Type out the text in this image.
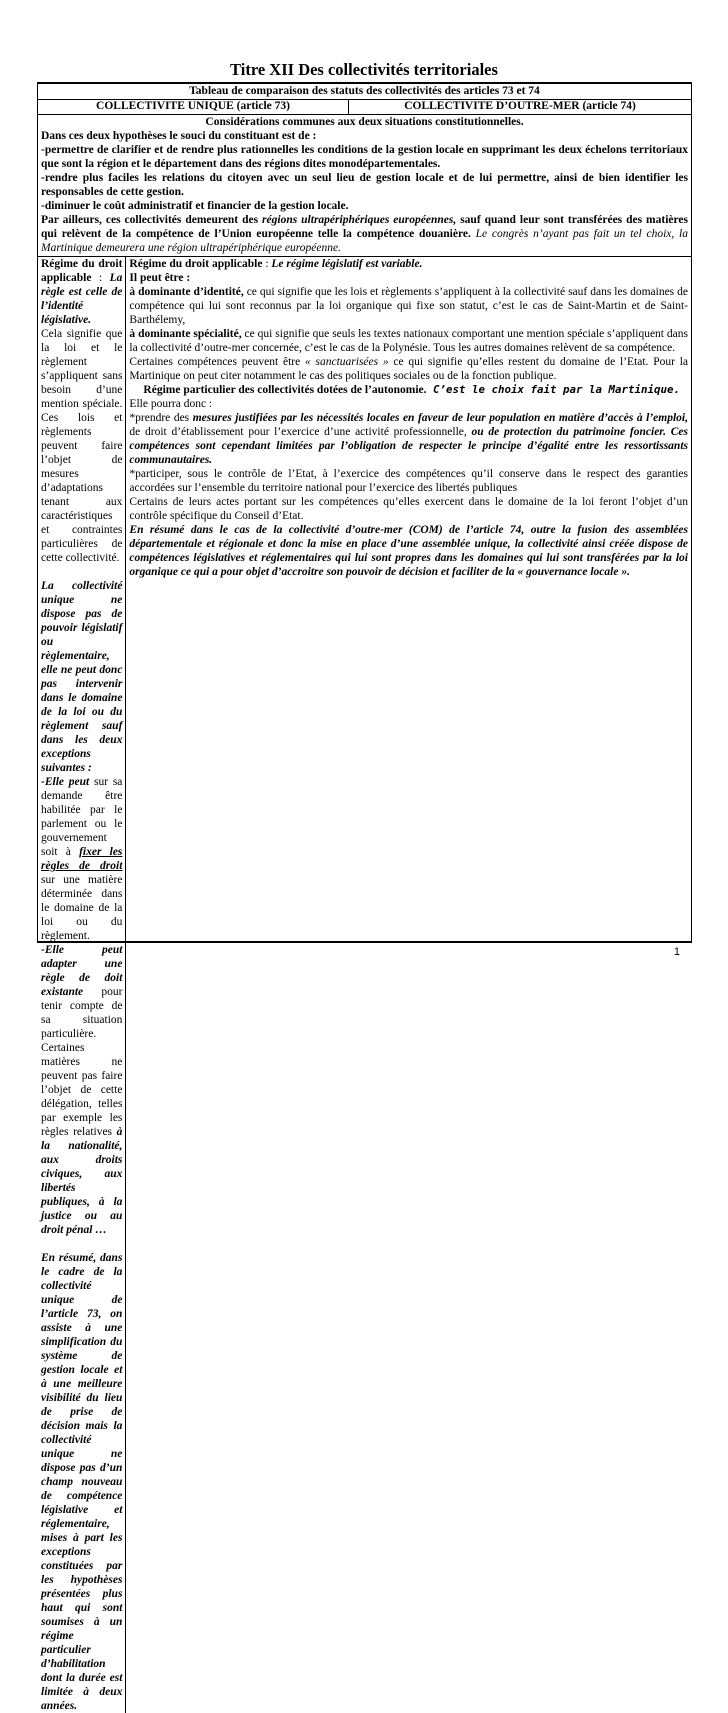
Titre XII Des collectivités territoriales
Tableau de comparaison des statuts des collectivités des articles 73 et 74
COLLECTIVITE UNIQUE (article 73)	COLLECTIVITE D’OUTRE-MER (article 74)
Considérations communes aux deux situations constitutionnelles.

Dans ces deux hypothèses le souci du constituant est de :

-permettre de clarifier et de rendre plus rationnelles les conditions de la gestion locale en supprimant les deux échelons territoriaux que sont la région et le département dans des régions dites monodépartementales.

-rendre plus faciles les relations du citoyen avec un seul lieu de gestion locale et de lui permettre, ainsi de bien identifier les responsables de cette gestion.

-diminuer le coût administratif et financier de la gestion locale.

Par ailleurs, ces collectivités demeurent des régions ultrapériphériques européennes, sauf quand leur sont transférées des matières qui relèvent de la compétence de l’Union européenne telle la compétence douanière. Le congrès n’ayant pas fait un tel choix, la Martinique demeurera une région ultrapériphérique européenne.

Régime du droit applicable : La règle est celle de l’identité législative.

Cela signifie que la loi et le règlement s’appliquent sans besoin d’une mention spéciale. Ces lois et règlements peuvent faire l’objet de mesures d’adaptations tenant aux caractéristiques et contraintes particulières de cette collectivité.

La collectivité unique ne dispose pas de pouvoir législatif ou règlementaire, elle ne peut donc pas intervenir dans le domaine de la loi ou du règlement sauf dans les deux exceptions suivantes :

-Elle peut sur sa demande être habilitée par le parlement ou le gouvernement soit à fixer les règles de droit sur une matière déterminée dans le domaine de la loi ou du règlement.

-Elle peut adapter une règle de doit existante pour tenir compte de sa situation particulière.

Certaines matières ne peuvent pas faire l’objet de cette délégation, telles par exemple les règles relatives à la nationalité, aux droits civiques, aux libertés publiques, à la justice ou au droit pénal …

En résumé, dans le cadre de la collectivité unique de l’article 73, on assiste à une simplification du système de gestion locale et à une meilleure visibilité du lieu de prise de décision mais la collectivité unique ne dispose pas d’un champ nouveau de compétence législative et réglementaire, mises à part les exceptions constituées par les hypothèses présentées plus haut qui sont soumises à un régime particulier d’habilitation dont la durée est limitée à deux années.

Régime du droit applicable : Le régime législatif est variable.

Il peut être :

à dominante d’identité, ce qui signifie que les lois et règlements s’appliquent à la collectivité sauf dans les domaines de compétence qui lui sont reconnus par la loi organique qui fixe son statut, c’est le cas de Saint-Martin et de Saint-Barthélemy,

à dominante spécialité, ce qui signifie que seuls les textes nationaux comportant une mention spéciale s’appliquent dans la collectivité d’outre-mer concernée, c’est le cas de la Polynésie. Tous les autres domaines relèvent de sa compétence.

Certaines compétences peuvent être « sanctuarisées » ce qui signifie qu’elles restent du domaine de l’Etat. Pour la Martinique on peut citer notamment le cas des politiques sociales ou de la fonction publique.

Régime particulier des collectivités dotées de l’autonomie. C’est le choix fait par la Martinique.

Elle pourra donc :

*prendre des mesures justifiées par les nécessités locales en faveur de leur population en matière d’accès à l’emploi, de droit d’établissement pour l’exercice d’une activité professionnelle, ou de protection du patrimoine foncier. Ces compétences sont cependant limitées par l’obligation de respecter le principe d’égalité entre les ressortissants communautaires.

*participer, sous le contrôle de l’Etat, à l’exercice des compétences qu’il conserve dans le respect des garanties accordées sur l’ensemble du territoire national pour l’exercice des libertés publiques

Certains de leurs actes portant sur les compétences qu’elles exercent dans le domaine de la loi feront l’objet d’un contrôle spécifique du Conseil d’Etat.

En résumé dans le cas de la collectivité d’outre-mer (COM) de l’article 74, outre la fusion des assemblées départementale et régionale et donc la mise en place d’une assemblée unique, la collectivité ainsi créée dispose de compétences législatives et réglementaires qui lui sont propres dans les domaines qui lui sont transférées par la loi organique ce qui a pour objet d’accroitre son pouvoir de décision et faciliter de la « gouvernance locale ».

1
